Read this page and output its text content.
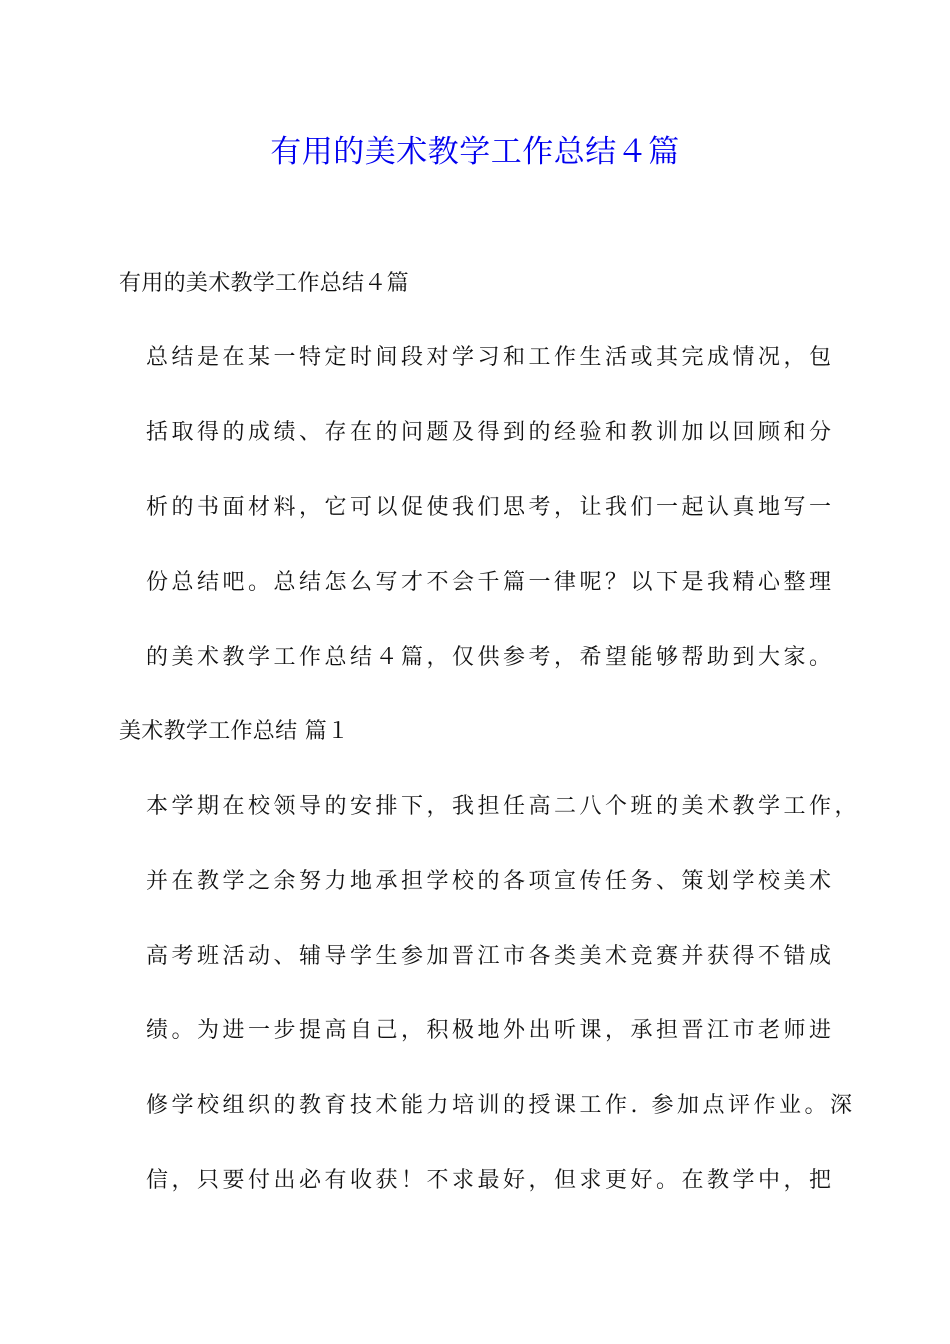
有用的美术教学工作总结４篇
有用的美术教学工作总结４篇
总结是在某一特定时间段对学习和工作生活或其完成情况，包
括取得的成绩、存在的问题及得到的经验和教训加以回顾和分
析的书面材料，它可以促使我们思考，让我们一起认真地写一
份总结吧。总结怎么写才不会千篇一律呢？以下是我精心整理
的美术教学工作总结４篇，仅供参考，希望能够帮助到大家。
美术教学工作总结 篇１
本学期在校领导的安排下，我担任高二八个班的美术教学工作，
并在教学之余努力地承担学校的各项宣传任务、策划学校美术
高考班活动、辅导学生参加晋江市各类美术竞赛并获得不错成
绩。为进一步提高自己，积极地外出听课，承担晋江市老师进
修学校组织的教育技术能力培训的授课工作. 参加点评作业。深
信，只要付出必有收获！不求最好，但求更好。在教学中，把
